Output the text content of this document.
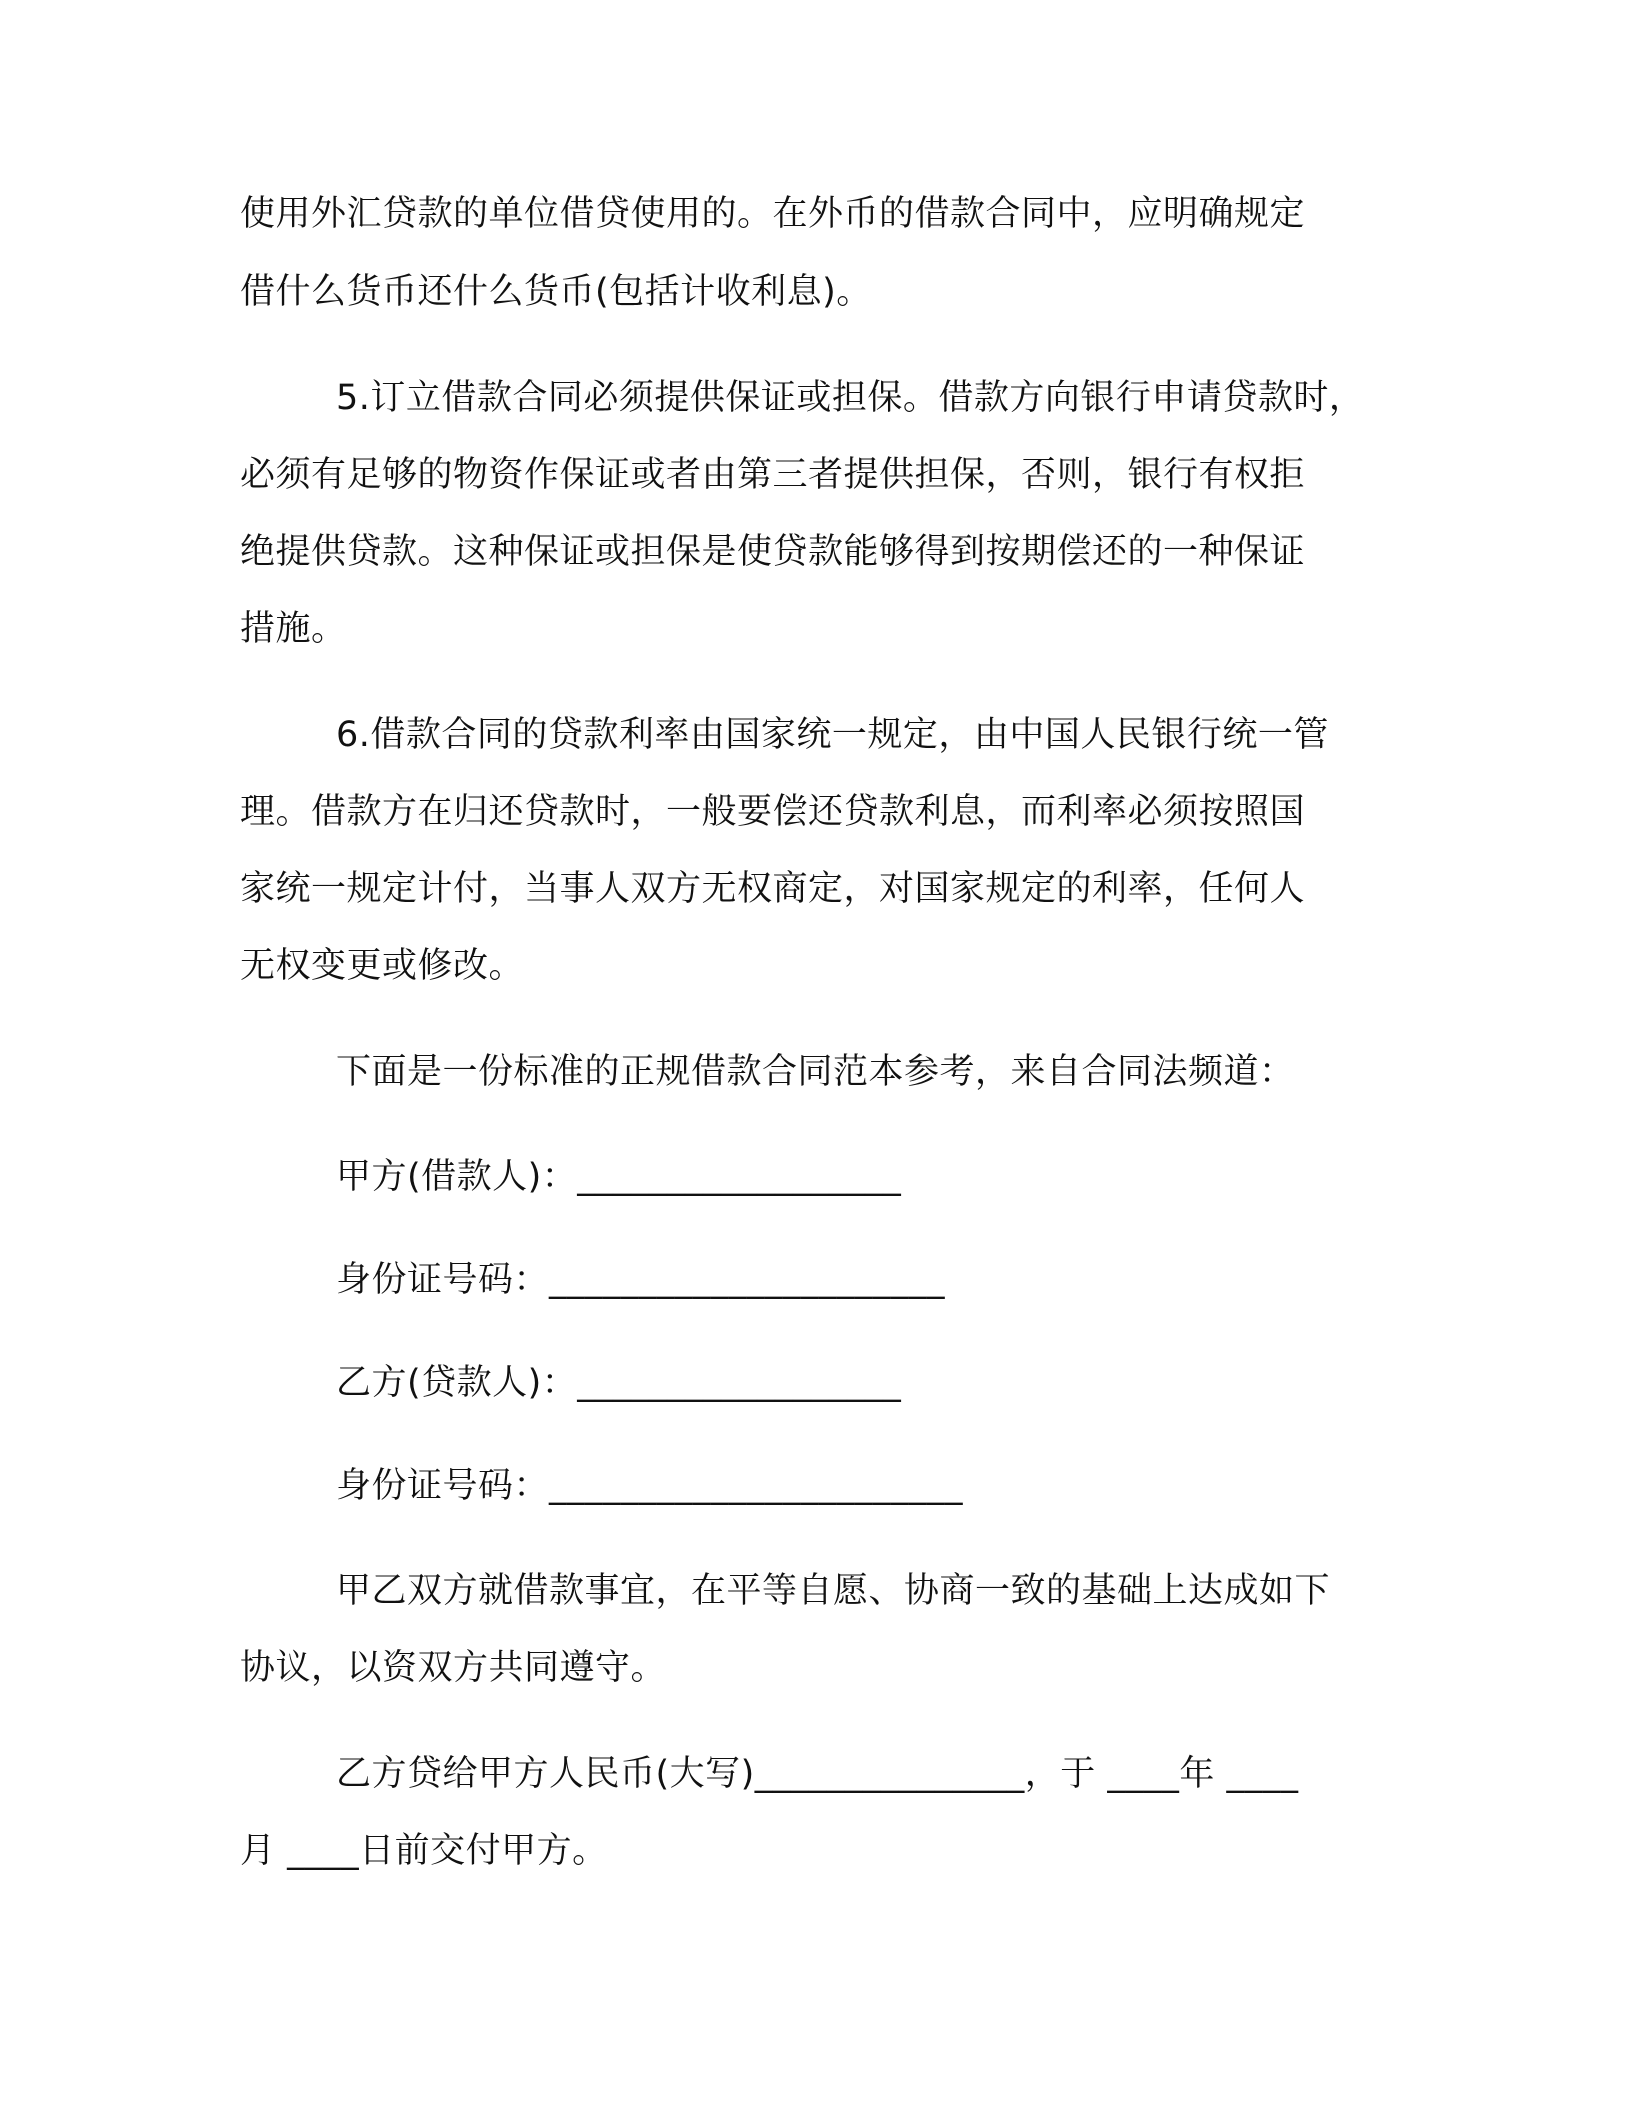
使用外汇贷款的单位借贷使用的。在外币的借款合同中，应明确规定
借什么货币还什么货币(包括计收利息)。
5.订立借款合同必须提供保证或担保。借款方向银行申请贷款时，
必须有足够的物资作保证或者由第三者提供担保，否则，银行有权拒
绝提供贷款。这种保证或担保是使贷款能够得到按期偿还的一种保证
措施。
6.借款合同的贷款利率由国家统一规定，由中国人民银行统一管
理。借款方在归还贷款时，一般要偿还贷款利息，而利率必须按照国
家统一规定计付，当事人双方无权商定，对国家规定的利率，任何人
无权变更或修改。
下面是一份标准的正规借款合同范本参考，来自合同法频道：
甲方(借款人)：__________________
身份证号码：______________________
乙方(贷款人)：__________________
身份证号码：_______________________
甲乙双方就借款事宜，在平等自愿、协商一致的基础上达成如下
协议，以资双方共同遵守。
乙方贷给甲方人民币(大写)_______________，于 ____年 ____
月 ____日前交付甲方。
